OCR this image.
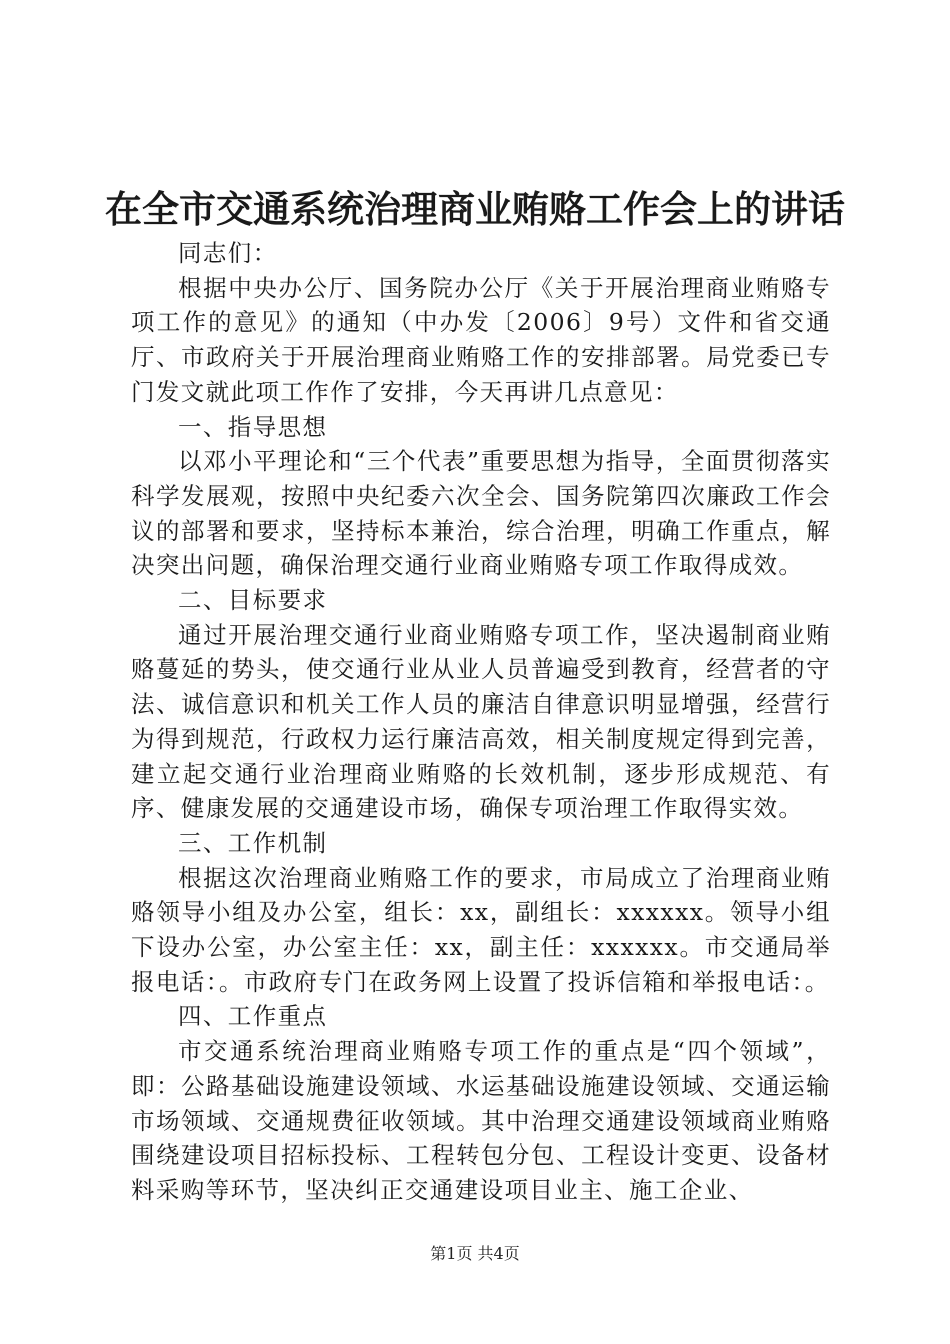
在全市交通系统治理商业贿赂工作会上的讲话

同志们：

根据中央办公厅、国务院办公厅《关于开展治理商业贿赂专项工作的意见》的通知（中办发〔2006〕9号）文件和省交通厅、市政府关于开展治理商业贿赂工作的安排部署。局党委已专门发文就此项工作作了安排，今天再讲几点意见：

一、指导思想

以邓小平理论和“三个代表”重要思想为指导，全面贯彻落实科学发展观，按照中央纪委六次全会、国务院第四次廉政工作会议的部署和要求，坚持标本兼治，综合治理，明确工作重点，解决突出问题，确保治理交通行业商业贿赂专项工作取得成效。

二、目标要求

通过开展治理交通行业商业贿赂专项工作，坚决遏制商业贿赂蔓延的势头，使交通行业从业人员普遍受到教育，经营者的守法、诚信意识和机关工作人员的廉洁自律意识明显增强，经营行为得到规范，行政权力运行廉洁高效，相关制度规定得到完善，建立起交通行业治理商业贿赂的长效机制，逐步形成规范、有序、健康发展的交通建设市场，确保专项治理工作取得实效。

三、工作机制

根据这次治理商业贿赂工作的要求，市局成立了治理商业贿赂领导小组及办公室，组长：xx，副组长：xxxxxx。领导小组下设办公室，办公室主任：xx，副主任：xxxxxx。市交通局举报电话：。市政府专门在政务网上设置了投诉信箱和举报电话：。

四、工作重点

市交通系统治理商业贿赂专项工作的重点是“四个领域”，即：公路基础设施建设领域、水运基础设施建设领域、交通运输市场领域、交通规费征收领域。其中治理交通建设领域商业贿赂围绕建设项目招标投标、工程转包分包、工程设计变更、设备材料采购等环节，坚决纠正交通建设项目业主、施工企业、

第1页 共4页
